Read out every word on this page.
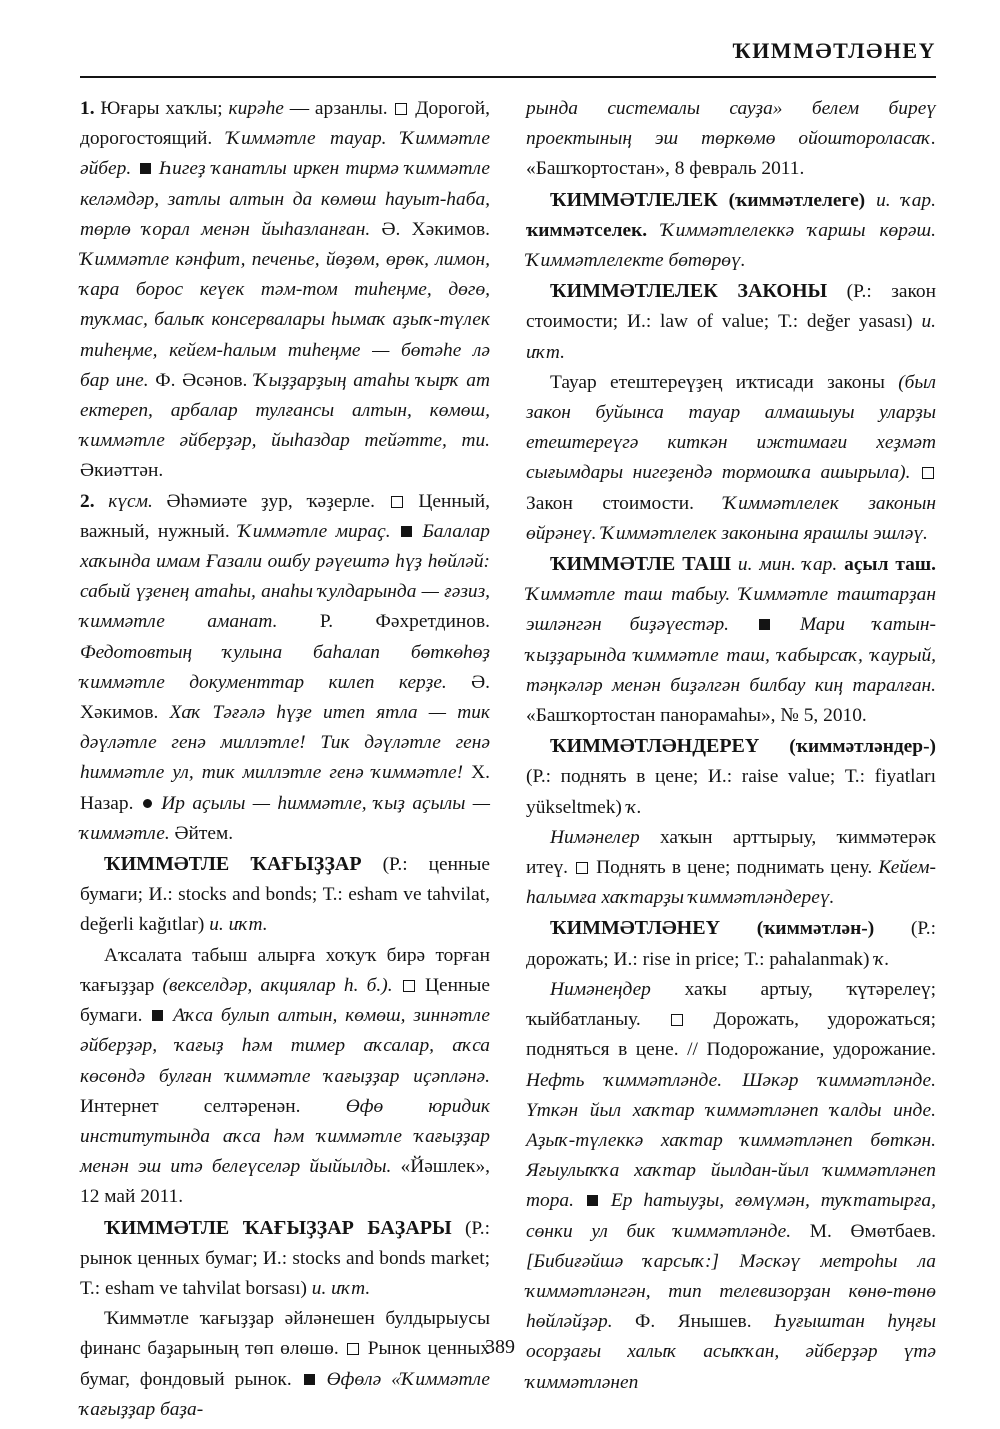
ҠИММӘТЛӘНЕҮ

1. Юғары хаҡлы; кирәһе — арзанлы.  Дорогой, дорогостоящий. Ҡиммәтле тауар. Ҡиммәтле әйбер. Һигеҙ ҡанатлы иркен тирмә ҡиммәтле келәмдәр, затлы алтын да көмөш һауыт-һаба, төрлө ҡорал менән йыһазланған. Ә. Хәкимов. Ҡиммәтле кәнфит, печенье, йөҙөм, өрөк, лимон, ҡара борос кеүек тәм-том тиһеңме, дөгө, туҡмас, балыҡ консервалары һымаҡ аҙыҡ-түлек тиһеңме, кейем-һалым тиһеңме — бөтәһе лә бар ине. Ф. Әсәнов. Ҡыҙҙарҙың атаһы ҡырҡ ат ектереп, арбалар тулғансы алтын, көмөш, ҡиммәтле әйберҙәр, йыһаздар тейәтте, ти. Әкиәттән.

2. күсм. Әһәмиәте ҙур, ҡәҙерле.  Ценный, важный, нужный. Ҡиммәтле мираҫ. Балалар хаҡында имам Ғазали ошбу рәүештә һүҙ һөйләй: сабый үҙенең атаһы, анаһы ҡулдарында — ғәзиз, ҡиммәтле аманат. Р. Фәхретдинов. Федотовтың ҡулына баһалап бөткөһөҙ ҡиммәтле документтар килеп керҙе. Ә. Хәкимов. Хаҡ Тәғәлә һүҙе итеп ятла — тик дәүләтле генә миллэтле! Тик дәүләтле генә һиммәтле ул, тик миллэтле генә ҡиммәтле! Х. Назар.  Ир аҫылы — һиммәтле, ҡыҙ аҫылы — ҡиммәтле. Әйтем.

ҠИММӘТЛЕ ҠАҒЫҘҘАР (Р.: ценные бумаги; И.: stocks and bonds; Т.: esham ve tahvilat, değerli kağıtlar) и. иҡт.

Аҡсалата табыш алырға хоҡуҡ бирә торған ҡағыҙҙар (векселдәр, акциялар һ. б.).  Ценные бумаги.  Аҡса булып алтын, көмөш, зиннәтле әйберҙәр, ҡағыҙ һәм тимер аҡсалар, аҡса көсөндә булған ҡиммәтле ҡағыҙҙар иҫәпләнә. Интернет селтәренән. Өфө юридик институтында аҡса һәм ҡиммәтле ҡағыҙҙар менән эш итә белеүселәр йыйылды. «Йәшлек», 12 май 2011.

ҠИММӘТЛЕ ҠАҒЫҘҘАР БАҘАРЫ (Р.: рынок ценных бумаг; И.: stocks and bonds market; Т.: esham ve tahvilat borsası) и. иҡт.

Ҡиммәтле ҡағыҙҙар әйләнешен булдырыусы финанс баҙарының төп өлөшө.  Рынок ценных бумаг, фондовый рынок.  Өфөлә «Ҡиммәтле ҡағыҙҙар баҙа-

рында системалы сауҙа» белем биреү проектының эш төркөмө ойоштороласаҡ. «Башҡортостан», 8 февраль 2011.

ҠИММӘТЛЕЛЕК (ҡиммәтлелеге) и. ҡар. ҡиммәтселек. Ҡиммәтлелеккә ҡаршы көрәш. Ҡиммәтлелекте бөтөрөү.

ҠИММӘТЛЕЛЕК ЗАКОНЫ (Р.: закон стоимости; И.: law of value; Т.: değer yasası) и. иҡт.

Тауар етештереүҙең иҡтисади законы (был закон буйынса тауар алмашыуы уларҙы етештереүгә киткән ижтимағи хеҙмәт сығымдары нигеҙендә тормошҡа ашырыла).  Закон стоимости. Ҡиммәтлелек законын өйрәнеү. Ҡиммәтлелек законына ярашлы эшләү.

ҠИММӘТЛЕ ТАШ и. мин. ҡар. аҫыл таш. Ҡиммәтле таш табыу. Ҡиммәтле таштарҙан эшләнгән биҙәүестәр.	Мари ҡатын-ҡыҙҙарында ҡиммәтле таш, ҡабырсаҡ, ҡаурый, тәңкәләр менән биҙәлгән билбау киң таралған. «Башҡортостан панорамаһы», № 5, 2010.

ҠИММӘТЛӘНДЕРЕҮ (ҡиммәтләндер-) (Р.: поднять в цене; И.: raise value; Т.: fiyatları yükseltmek) ҡ.

Нимәнелер хаҡын арттырыу, ҡиммәтерәк итеү.  Поднять в цене; поднимать цену. Кейем-һалымға хаҡтарҙы ҡиммәтләндереү.

ҠИММӘТЛӘНЕҮ (ҡиммәтлән-) (Р.: дорожать; И.: rise in price; Т.: pahalanmak) ҡ.

Нимәнеңдер хаҡы артыу, ҡүтәрелеү; ҡыйбатланыу.  Дорожать, удорожаться; подняться в цене. // Подорожание, удорожание. Нефть ҡиммәтләнде. Шәкәр ҡиммәтләнде. Үткән йыл хаҡтар ҡиммәтләнеп ҡалды инде. Аҙыҡ-түлеккә хаҡтар ҡиммәтләнеп бөткән. Яғыулыҡҡа хаҡтар йылдан-йыл ҡиммәтләнеп тора. Ер һатыуҙы, ғөмүмән, туҡтатырға, сөнки ул бик ҡиммәтләнде. М. Өмөтбаев. [Бибиғәйшә ҡарсыҡ:] Мәскәү метроһы ла ҡиммәтләнгән, тип телевизорҙан көнө-төнө һөйләйҙәр. Ф. Янышев. Һуғыштан һуңғы осорҙағы халыҡ асыҡҡан, әйберҙәр үтә ҡиммәтләнеп

389
